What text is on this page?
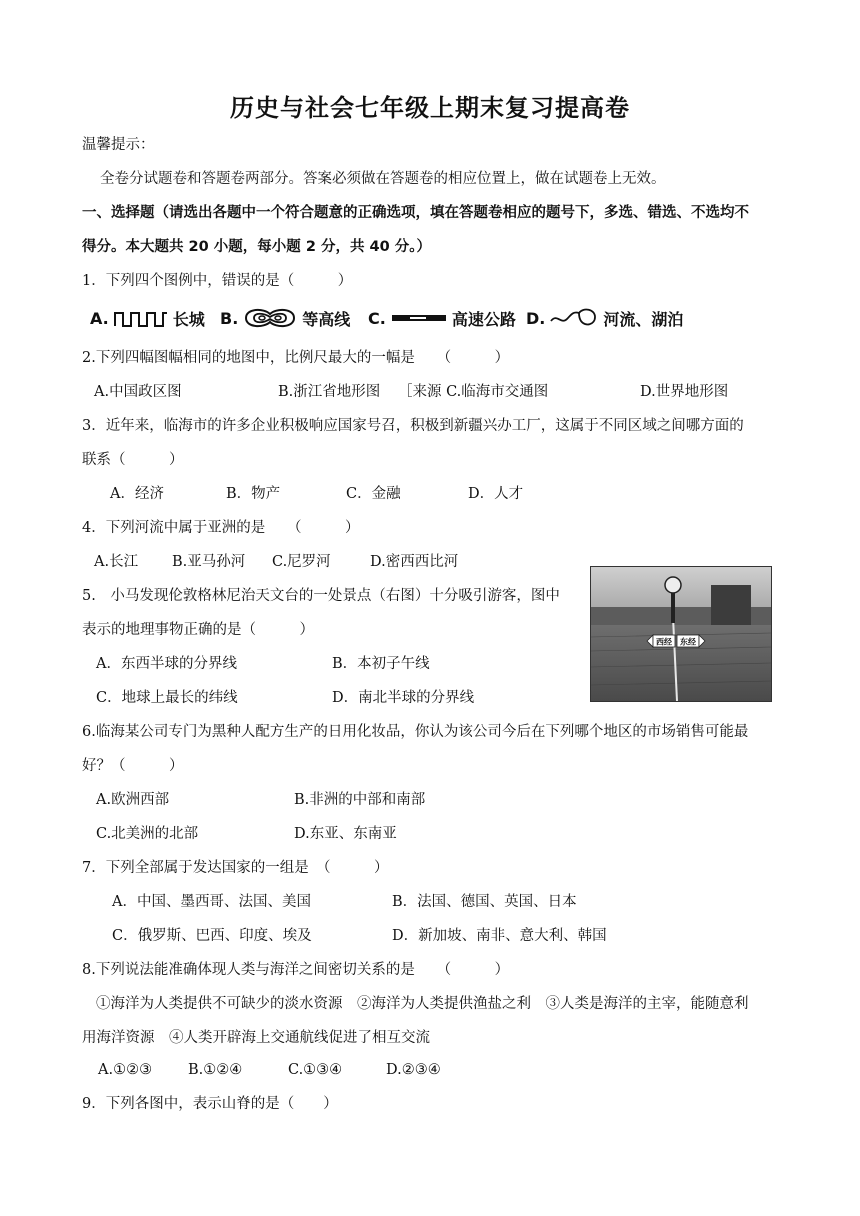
历史与社会七年级上期末复习提高卷
温馨提示：
全卷分试题卷和答题卷两部分。答案必须做在答题卷的相应位置上，做在试题卷上无效。
一、选择题（请选出各题中一个符合题意的正确选项，填在答题卷相应的题号下，多选、错选、不选均不
得分。本大题共 20 小题，每小题 2 分，共 40 分。）
1．下列四个图例中，错误的是（　　　）
A.	长城 B.	等高线 C.	高速公路 D.	河流、湖泊
2.下列四幅图幅相同的地图中，比例尺最大的一幅是　　（　　　）
A.中国政区图	B.浙江省地形图 ［来源 C.临海市交通图	D.世界地形图
3．近年来，临海市的许多企业积极响应国家号召，积极到新疆兴办工厂，这属于不同区域之间哪方面的
联系（　　　）
A．经济	B．物产	C．金融	D．人才
4．下列河流中属于亚洲的是　　（　　　）
A.长江 B.亚马孙河 C.尼罗河	D.密西西比河
5.　小马发现伦敦格林尼治天文台的一处景点（右图）十分吸引游客，图中
表示的地理事物正确的是（　　　）
A．东西半球的分界线	B．本初子午线
C．地球上最长的纬线	D．南北半球的分界线
西经 东经
6.临海某公司专门为黑种人配方生产的日用化妆品，你认为该公司今后在下列哪个地区的市场销售可能最
好？（　　　）
A.欧洲西部	B.非洲的中部和南部
C.北美洲的北部	D.东亚、东南亚
7．下列全部属于发达国家的一组是　（　　　）
A．中国、墨西哥、法国、美国	B．法国、德国、英国、日本
C．俄罗斯、巴西、印度、埃及	D．新加坡、南非、意大利、韩国
8.下列说法能准确体现人类与海洋之间密切关系的是　　（　　　）
①海洋为人类提供不可缺少的淡水资源　②海洋为人类提供渔盐之利　③人类是海洋的主宰，能随意利
用海洋资源　④人类开辟海上交通航线促进了相互交流
A.①②③ B.①②④	C.①③④	D.②③④
9．下列各图中，表示山脊的是（　　）
